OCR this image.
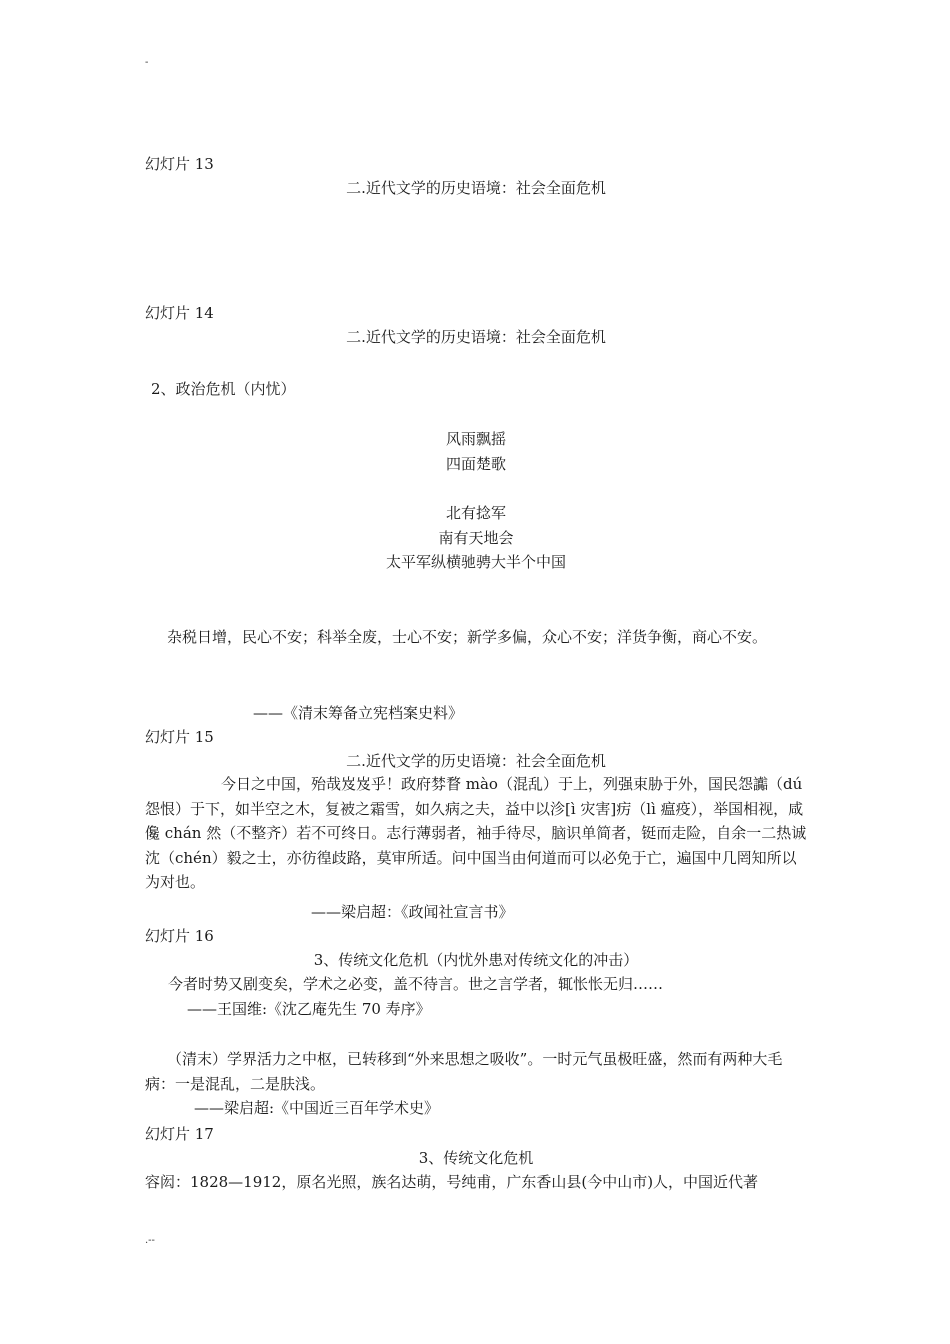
-
幻灯片 13
二.近代文学的历史语境：社会全面危机
幻灯片 14
二.近代文学的历史语境：社会全面危机
2、政治危机（内忧）
风雨飘摇
四面楚歌
北有捻军
南有天地会
太平军纵横驰骋大半个中国
杂税日增，民心不安；科举全废，士心不安；新学多偏，众心不安；洋货争衡，商心不安。
——《清末筹备立宪档案史料》
幻灯片 15
二.近代文学的历史语境：社会全面危机
今日之中国，殆哉岌岌乎！政府棼瞀 mào（混乱）于上，列强束胁于外，国民怨讟（dú 怨恨）于下，如半空之木，复被之霜雪，如久病之夫，益中以沴[ì 灾害]疠（lì 瘟疫），举国相视，咸儳 chán 然（不整齐）若不可终日。志行薄弱者，袖手待尽，脑识单简者，铤而走险，自余一二热诚沈（chén）毅之士，亦彷徨歧路，莫审所适。问中国当由何道而可以必免于亡，遍国中几罔知所以为对也。
——梁启超：《政闻社宣言书》
幻灯片 16
3、传统文化危机（内忧外患对传统文化的冲击）
今者时势又剧变矣，学术之必变，盖不待言。世之言学者，辄怅怅无归……
——王国维:《沈乙庵先生 70 寿序》
（清末）学界活力之中枢，已转移到“外来思想之吸收”。一时元气虽极旺盛，然而有两种大毛病：一是混乱，二是肤浅。
——梁启超:《中国近三百年学术史》
幻灯片 17
3、传统文化危机
容闳：1828—1912，原名光照，族名达萌，号纯甫，广东香山县(今中山市)人，中国近代著
.--
